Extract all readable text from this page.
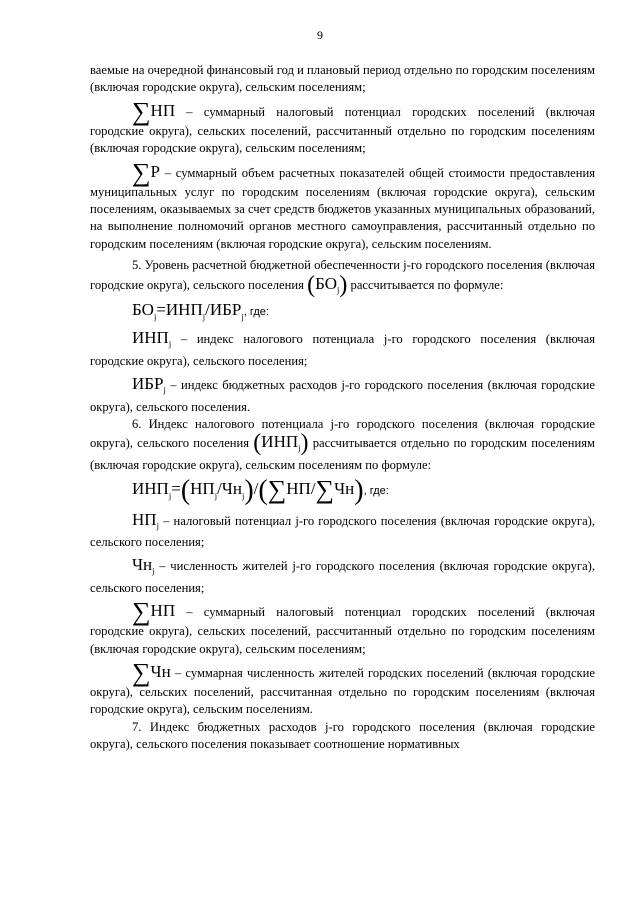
9

ваемые на очередной финансовый год и плановый период отдельно по городским поселениям (включая городские округа), сельским поселениям;

∑НП – суммарный налоговый потенциал городских поселений (включая городские округа), сельских поселений, рассчитанный отдельно по городским поселениям (включая городские округа), сельским поселениям;

∑Р – суммарный объем расчетных показателей общей стоимости предоставления муниципальных услуг по городским поселениям (включая городские округа), сельским поселениям, оказываемых за счет средств бюджетов указанных муниципальных образований, на выполнение полномочий органов местного самоуправления, рассчитанный отдельно по городским поселениям (включая городские округа), сельским поселениям.

5. Уровень расчетной бюджетной обеспеченности j-го городского поселения (включая городские округа), сельского поселения $(БО_j)$ рассчитывается по формуле:

$БО_j=ИНП_j/ИБР_j$, где:

$ИНП_j$ – индекс налогового потенциала j-го городского поселения (включая городские округа), сельского поселения;

$ИБР_j$ – индекс бюджетных расходов j-го городского поселения (включая городские округа), сельского поселения.

6. Индекс налогового потенциала j-го городского поселения (включая городские округа), сельского поселения $(ИНП_j)$ рассчитывается отдельно по городским поселениям (включая городские округа), сельским поселениям по формуле:

$ИНП_j=(НП_j/Чн_j)/(\sum НП/\sum Чн)$, где:

$НП_j$ – налоговый потенциал j-го городского поселения (включая городские округа), сельского поселения;

$Чн_j$ – численность жителей j-го городского поселения (включая городские округа), сельского поселения;

∑НП – суммарный налоговый потенциал городских поселений (включая городские округа), сельских поселений, рассчитанный отдельно по городским поселениям (включая городские округа), сельским поселениям;

∑Чн – суммарная численность жителей городских поселений (включая городские округа), сельских поселений, рассчитанная отдельно по городским поселениям (включая городские округа), сельским поселениям.

7. Индекс бюджетных расходов j-го городского поселения (включая городские округа), сельского поселения показывает соотношение нормативных
